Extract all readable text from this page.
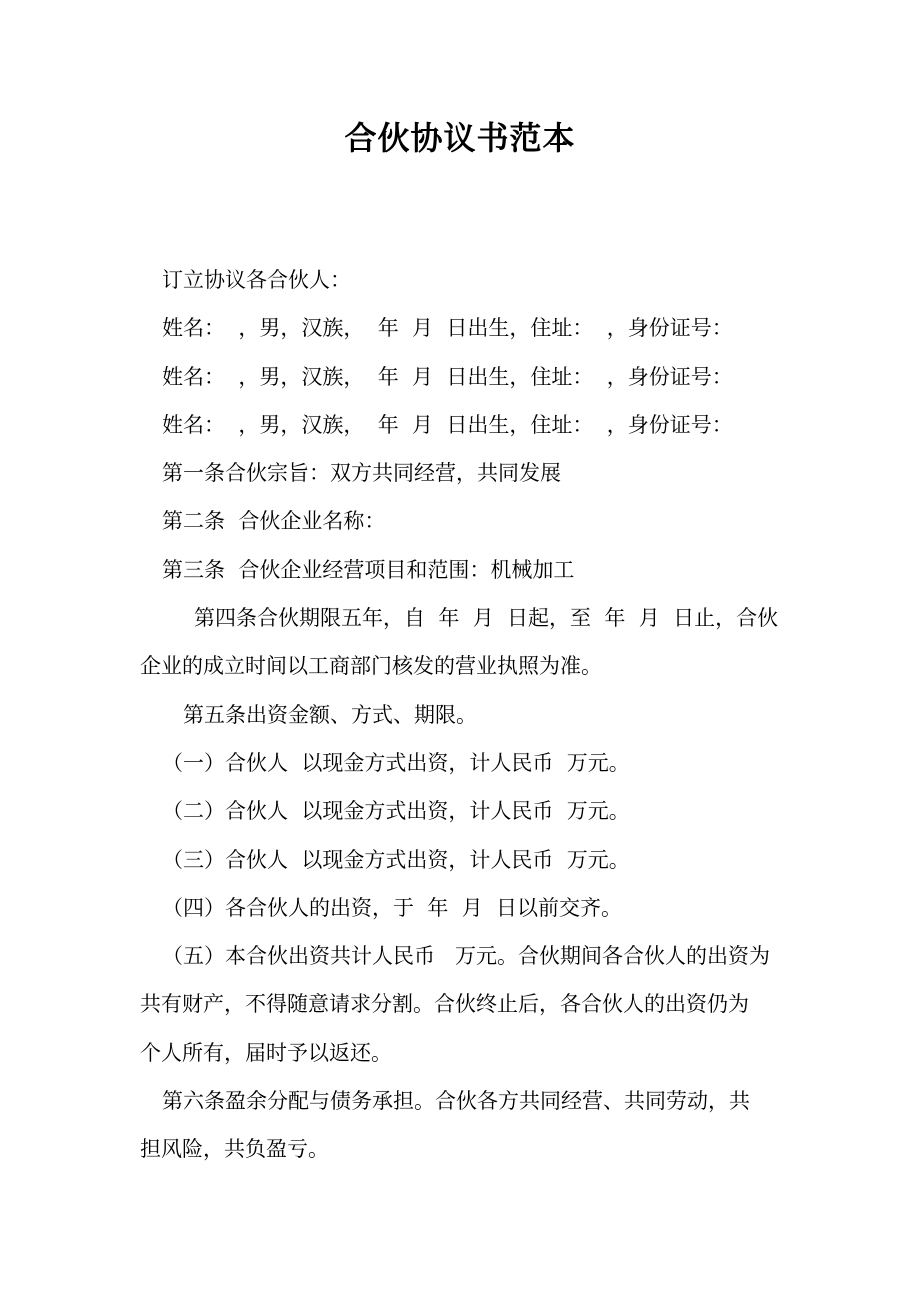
合伙协议书范本
订立协议各合伙人：
姓名：  ，男，汉族，  年  月  日出生，住址：  ，身份证号：
姓名：  ，男，汉族，  年  月  日出生，住址：  ，身份证号：
姓名：  ，男，汉族，  年  月  日出生，住址：  ，身份证号：
第一条合伙宗旨：双方共同经营，共同发展
第二条  合伙企业名称：
第三条  合伙企业经营项目和范围：机械加工
第四条合伙期限五年，自  年  月  日起，至  年  月  日止，合伙
企业的成立时间以工商部门核发的营业执照为准。
第五条出资金额、方式、期限。
（一）合伙人  以现金方式出资，计人民币  万元。
（二）合伙人  以现金方式出资，计人民币  万元。
（三）合伙人  以现金方式出资，计人民币  万元。
（四）各合伙人的出资，于  年  月  日以前交齐。
（五）本合伙出资共计人民币   万元。合伙期间各合伙人的出资为
共有财产，不得随意请求分割。合伙终止后，各合伙人的出资仍为
个人所有，届时予以返还。
第六条盈余分配与债务承担。合伙各方共同经营、共同劳动，共
担风险，共负盈亏。
